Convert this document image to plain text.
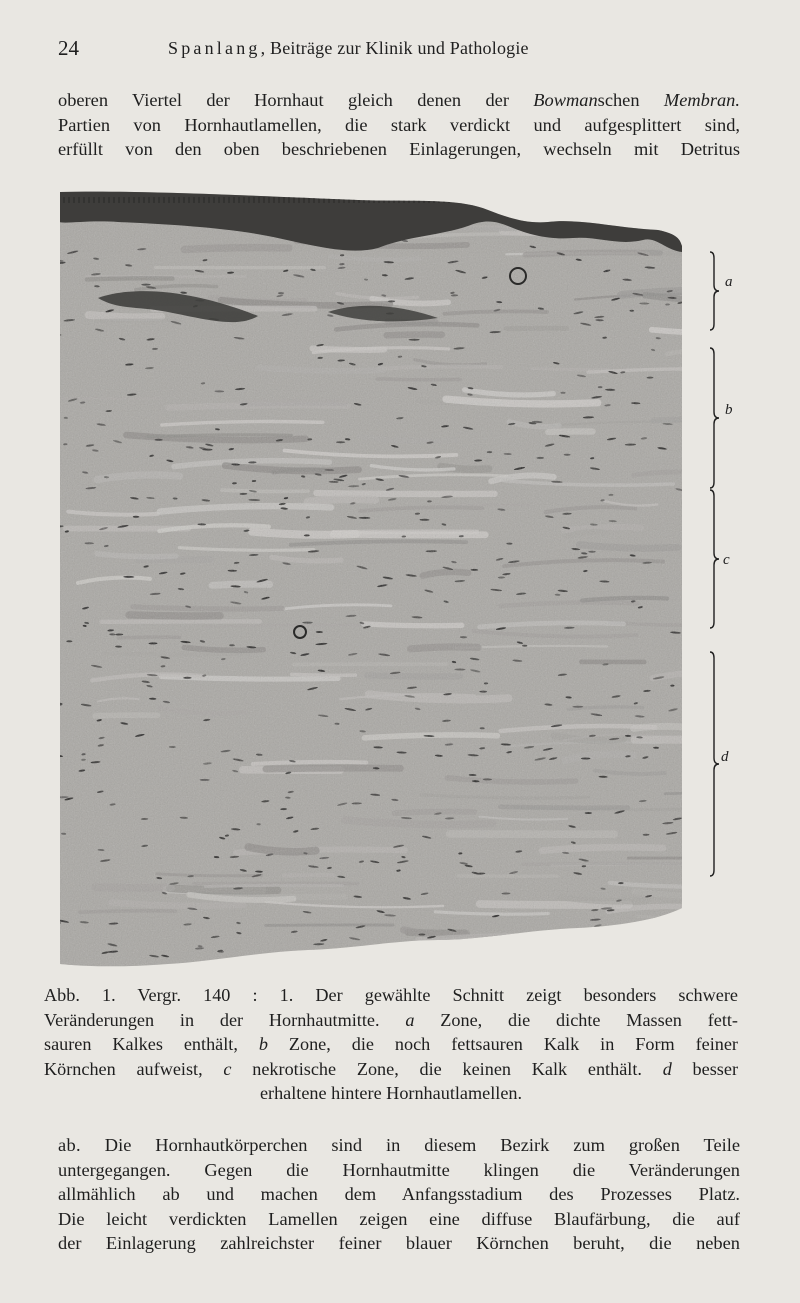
24	Spanlang, Beiträge zur Klinik und Pathologie
oberen Viertel der Hornhaut gleich denen der Bowmanschen Membran.
Partien von Hornhautlamellen, die stark verdickt und aufgesplittert sind,
erfüllt von den oben beschriebenen Einlagerungen, wechseln mit Detritus
a
b
c
d
Abb. 1. Vergr. 140 : 1. Der gewählte Schnitt zeigt besonders schwere
Veränderungen in der Hornhautmitte. a Zone, die dichte Massen fett-
sauren Kalkes enthält, b Zone, die noch fettsauren Kalk in Form feiner
Körnchen aufweist, c nekrotische Zone, die keinen Kalk enthält. d besser
erhaltene hintere Hornhautlamellen.
ab. Die Hornhautkörperchen sind in diesem Bezirk zum großen Teile
untergegangen. Gegen die Hornhautmitte klingen die Veränderungen
allmählich ab und machen dem Anfangsstadium des Prozesses Platz.
Die leicht verdickten Lamellen zeigen eine diffuse Blaufärbung, die auf
der Einlagerung zahlreichster feiner blauer Körnchen beruht, die neben
